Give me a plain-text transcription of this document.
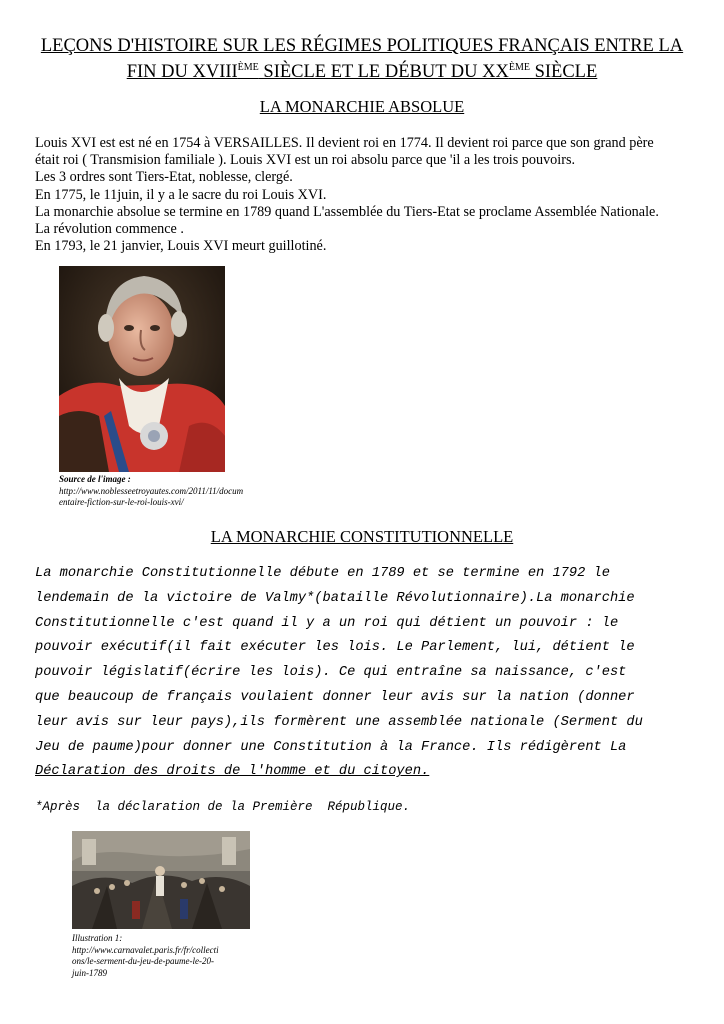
LEÇONS D'HISTOIRE SUR LES RÉGIMES POLITIQUES FRANÇAIS ENTRE LA
FIN DU XVIIIÈME SIÈCLE ET LE DÉBUT DU XXÈME SIÈCLE
LA MONARCHIE ABSOLUE
Louis XVI est est né en 1754 à VERSAILLES. Il devient roi en 1774. Il devient roi parce que son grand père
était roi ( Transmision familiale ). Louis XVI est un roi absolu parce que 'il a les trois pouvoirs.
Les 3 ordres sont Tiers-Etat, noblesse, clergé.
En 1775, le 11juin, il y a le sacre du roi Louis XVI.
La monarchie absolue se termine en 1789 quand L'assemblée du Tiers-Etat se proclame Assemblée Nationale.
La révolution commence .
En 1793, le 21 janvier, Louis XVI meurt guillotiné.
Source de l'image :
http://www.noblesseetroyautes.com/2011/11/docum
entaire-fiction-sur-le-roi-louis-xvi/
LA MONARCHIE CONSTITUTIONNELLE
La monarchie Constitutionnelle débute en 1789 et se termine en 1792 le
lendemain de la victoire de Valmy*(bataille Révolutionnaire).La monarchie
Constitutionnelle c'est quand il y a un roi qui détient un pouvoir : le
pouvoir exécutif(il fait exécuter les lois. Le Parlement, lui, détient le
pouvoir législatif(écrire les lois). Ce qui entraîne sa naissance, c'est
que beaucoup de français voulaient donner leur avis sur la nation (donner
leur avis sur leur pays),ils formèrent une assemblée nationale (Serment du
Jeu de paume)pour donner une Constitution à la France. Ils rédigèrent La
Déclaration des droits de l'homme et du citoyen.
*Après  la déclaration de la Première  République.
Illustration 1:
http://www.carnavalet.paris.fr/fr/collecti
ons/le-serment-du-jeu-de-paume-le-20-
juin-1789
